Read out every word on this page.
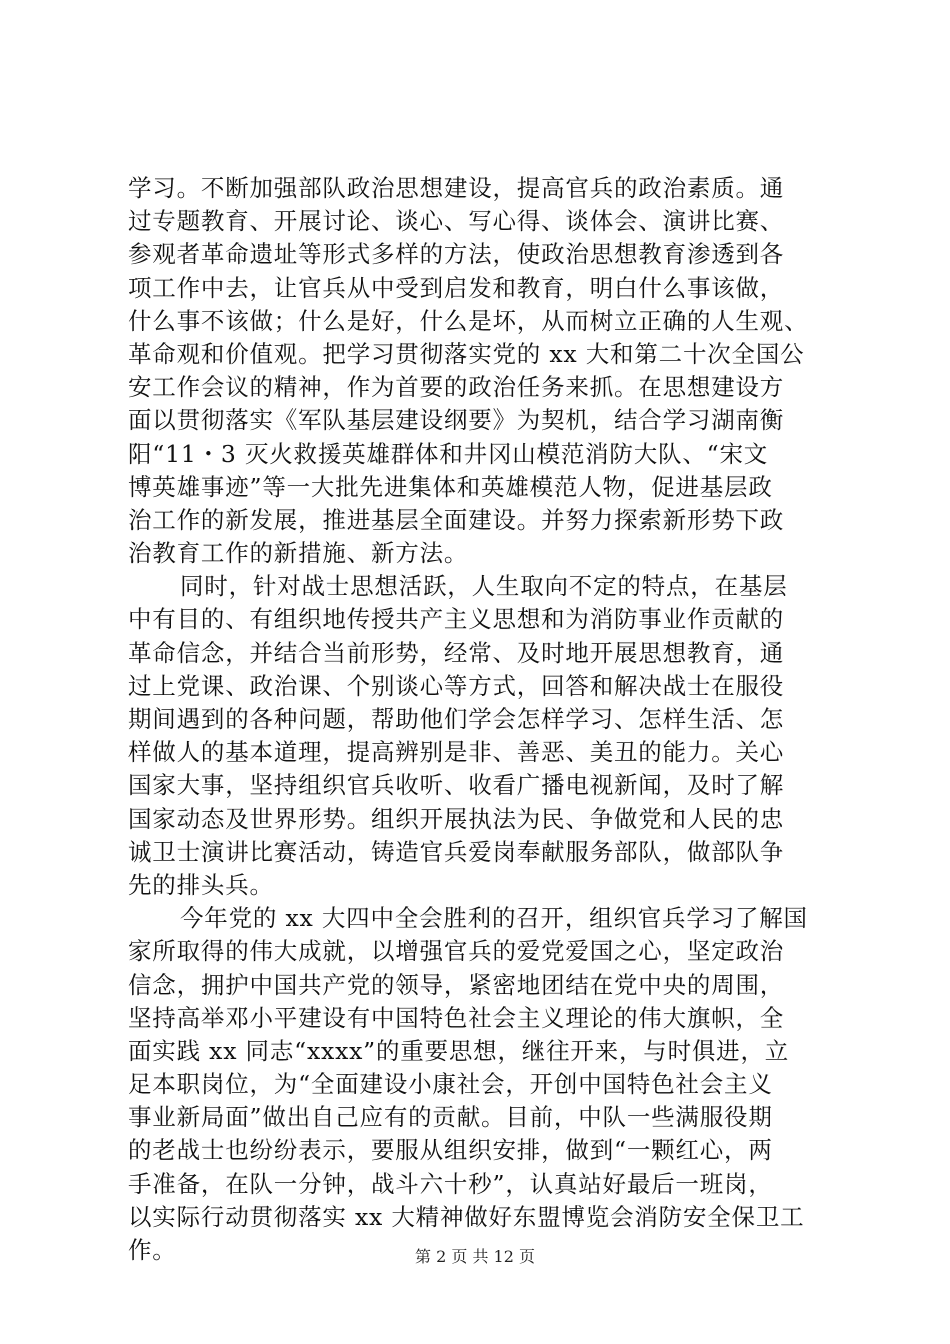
学习。不断加强部队政治思想建设，提高官兵的政治素质。通
过专题教育、开展讨论、谈心、写心得、谈体会、演讲比赛、
参观者革命遗址等形式多样的方法，使政治思想教育渗透到各
项工作中去，让官兵从中受到启发和教育，明白什么事该做，
什么事不该做；什么是好，什么是坏，从而树立正确的人生观、
革命观和价值观。把学习贯彻落实党的 xx 大和第二十次全国公
安工作会议的精神，作为首要的政治任务来抓。在思想建设方
面以贯彻落实《军队基层建设纲要》为契机，结合学习湖南衡
阳“11・3 灭火救援英雄群体和井冈山模范消防大队、“宋文
博英雄事迹”等一大批先进集体和英雄模范人物，促进基层政
治工作的新发展，推进基层全面建设。并努力探索新形势下政
治教育工作的新措施、新方法。
同时，针对战士思想活跃，人生取向不定的特点，在基层
中有目的、有组织地传授共产主义思想和为消防事业作贡献的
革命信念，并结合当前形势，经常、及时地开展思想教育，通
过上党课、政治课、个别谈心等方式，回答和解决战士在服役
期间遇到的各种问题，帮助他们学会怎样学习、怎样生活、怎
样做人的基本道理，提高辨别是非、善恶、美丑的能力。关心
国家大事，坚持组织官兵收听、收看广播电视新闻，及时了解
国家动态及世界形势。组织开展执法为民、争做党和人民的忠
诚卫士演讲比赛活动，铸造官兵爱岗奉献服务部队，做部队争
先的排头兵。
今年党的 xx 大四中全会胜利的召开，组织官兵学习了解国
家所取得的伟大成就，以增强官兵的爱党爱国之心，坚定政治
信念，拥护中国共产党的领导，紧密地团结在党中央的周围，
坚持高举邓小平建设有中国特色社会主义理论的伟大旗帜，全
面实践 xx 同志“xxxx”的重要思想，继往开来，与时俱进，立
足本职岗位，为“全面建设小康社会，开创中国特色社会主义
事业新局面”做出自己应有的贡献。目前，中队一些满服役期
的老战士也纷纷表示，要服从组织安排，做到“一颗红心，两
手准备，在队一分钟，战斗六十秒”，认真站好最后一班岗，
以实际行动贯彻落实 xx 大精神做好东盟博览会消防安全保卫工
作。	第 2 页 共 12 页
